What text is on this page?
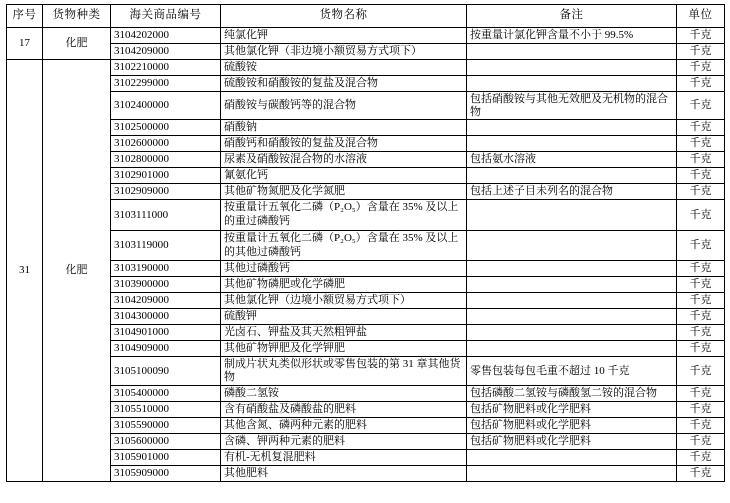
序号	货物种类	海关商品编号	货物名称	备注	单位
17	化肥	3104202000	纯氯化钾	按重量计氯化钾含量不小于 99.5%	千克
		3104209000	其他氯化钾（非边境小额贸易方式项下）		千克
31	化肥	3102210000	硫酸铵		千克
		3102299000	硫酸铵和硝酸铵的复盐及混合物		千克
		3102400000	硝酸铵与碳酸钙等的混合物	包括硝酸铵与其他无效肥及无机物的混合物	千克
		3102500000	硝酸钠		千克
		3102600000	硝酸钙和硝酸铵的复盐及混合物		千克
		3102800000	尿素及硝酸铵混合物的水溶液	包括氨水溶液	千克
		3102901000	氰氨化钙		千克
		3102909000	其他矿物氮肥及化学氮肥	包括上述子目未列名的混合物	千克
		3103111000	按重量计五氧化二磷（P₂O₅）含量在 35% 及以上的重过磷酸钙		千克
		3103119000	按重量计五氧化二磷（P₂O₅）含量在 35% 及以上的其他过磷酸钙		千克
		3103190000	其他过磷酸钙		千克
		3103900000	其他矿物磷肥或化学磷肥		千克
		3104209000	其他氯化钾（边境小额贸易方式项下）		千克
		3104300000	硫酸钾		千克
		3104901000	光卤石、钾盐及其天然粗钾盐		千克
		3104909000	其他矿物钾肥及化学钾肥		千克
		3105100090	制成片状丸类似形状或零售包装的第 31 章其他货物	零售包装每包毛重不超过 10 千克	千克
		3105400000	磷酸二氢铵	包括磷酸二氢铵与磷酸氢二铵的混合物	千克
		3105510000	含有硝酸盐及磷酸盐的肥料	包括矿物肥料或化学肥料	千克
		3105590000	其他含氮、磷两种元素的肥料	包括矿物肥料或化学肥料	千克
		3105600000	含磷、钾两种元素的肥料	包括矿物肥料或化学肥料	千克
		3105901000	有机-无机复混肥料		千克
		3105909000	其他肥料		千克
